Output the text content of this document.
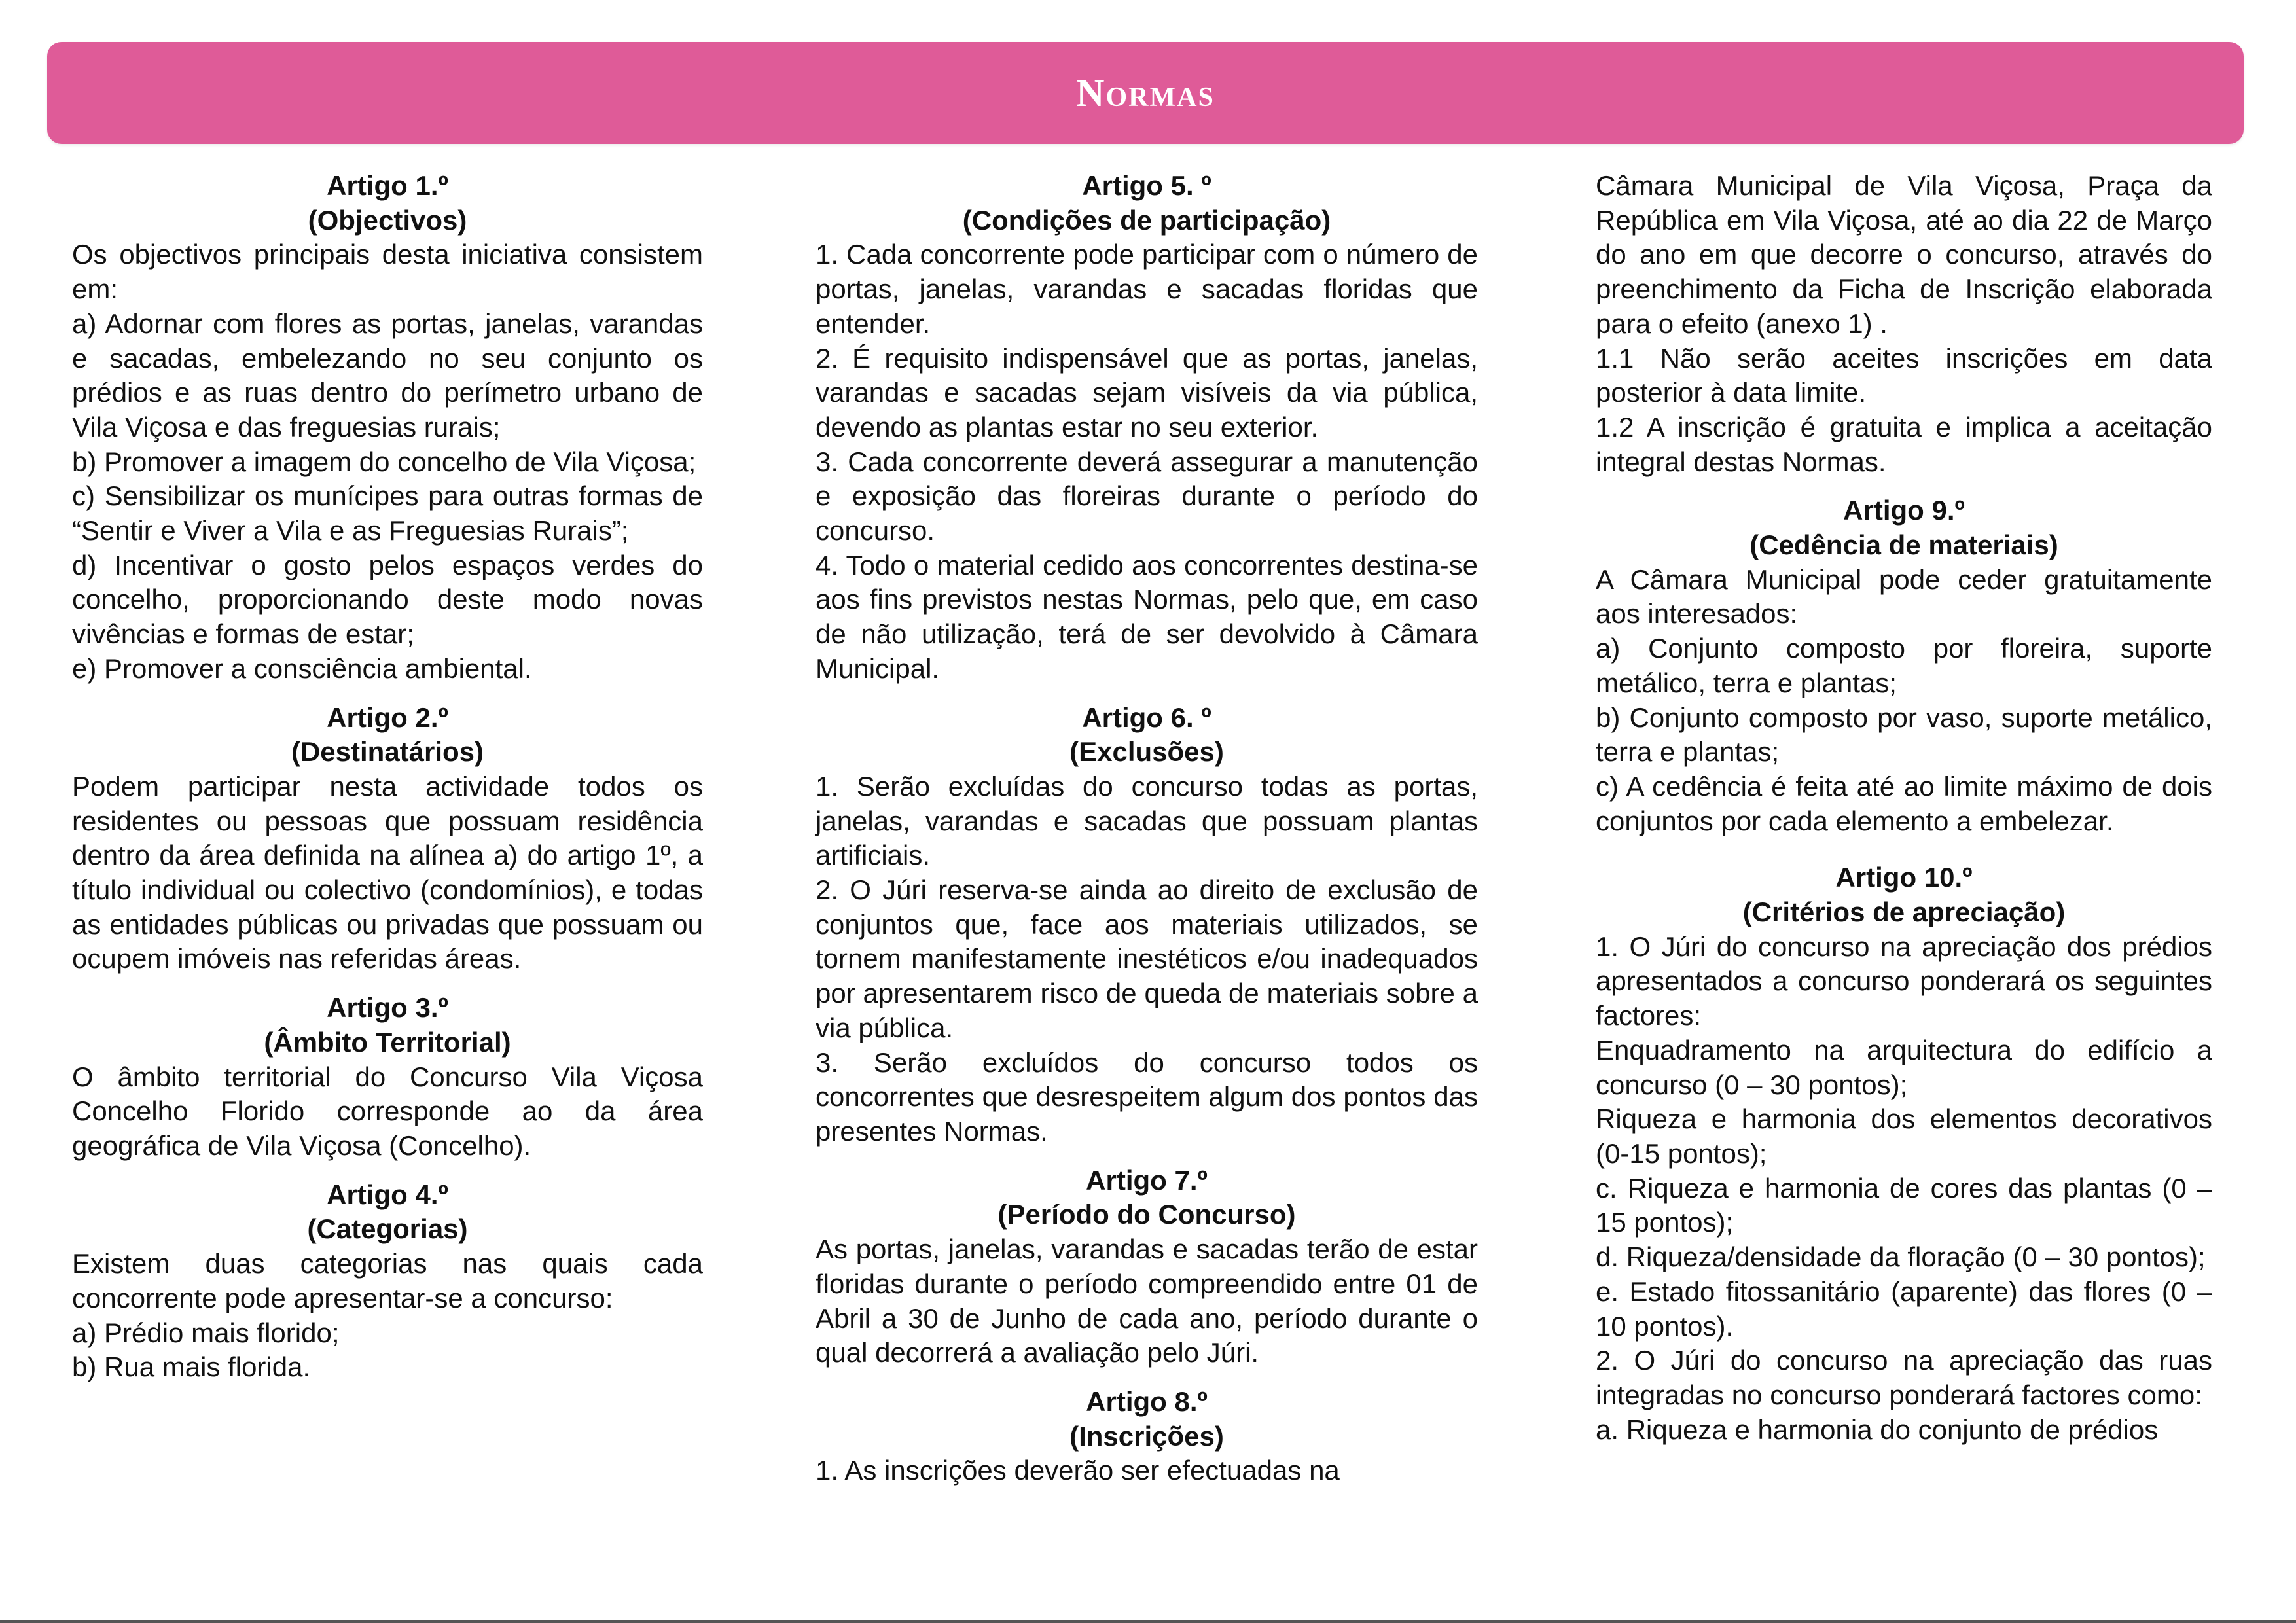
Normas
Artigo 1.º
(Objectivos)

Os objectivos principais desta iniciativa consistem em:

a) Adornar com flores as portas, janelas, varandas e sacadas, embelezando no seu conjunto os prédios e as ruas dentro do perímetro urbano de Vila Viçosa e das freguesias rurais;

b) Promover a imagem do concelho de Vila Viçosa;

c) Sensibilizar os munícipes para outras formas de “Sentir e Viver a Vila e as Freguesias Rurais”;

d) Incentivar o gosto pelos espaços verdes do concelho, proporcionando deste modo novas vivências e formas de estar;

e) Promover a consciência ambiental.

Artigo 2.º
(Destinatários)

Podem participar nesta actividade todos os residentes ou pessoas que possuam residência dentro da área definida na alínea a) do artigo 1º, a título individual ou colectivo (condomínios), e todas as entidades públicas ou privadas que possuam ou ocupem imóveis nas referidas áreas.

Artigo 3.º
(Âmbito Territorial)

O âmbito territorial do Concurso Vila Viçosa Concelho Florido corresponde ao da área geográfica de Vila Viçosa (Concelho).

Artigo 4.º
(Categorias)

Existem duas categorias nas quais cada concorrente pode apresentar-se a concurso:

a) Prédio mais florido;

b) Rua mais florida.

Artigo 5. º
(Condições de participação)

1. Cada concorrente pode participar com o número de portas, janelas, varandas e sacadas floridas que entender.

2. É requisito indispensável que as portas, janelas, varandas e sacadas sejam visíveis da via pública, devendo as plantas estar no seu exterior.

3. Cada concorrente deverá assegurar a manutenção e exposição das floreiras durante o período do concurso.

4. Todo o material cedido aos concorrentes destina-se aos fins previstos nestas Normas, pelo que, em caso de não utilização, terá de ser devolvido à Câmara Municipal.

Artigo 6. º
(Exclusões)

1. Serão excluídas do concurso todas as portas, janelas, varandas e sacadas que possuam plantas artificiais.

2. O Júri reserva-se ainda ao direito de exclusão de conjuntos que, face aos materiais utilizados, se tornem manifestamente inestéticos e/ou inadequados por apresentarem risco de queda de materiais sobre a via pública.

3. Serão excluídos do concurso todos os concorrentes que desrespeitem algum dos pontos das presentes Normas.

Artigo 7.º
(Período do Concurso)

As portas, janelas, varandas e sacadas terão de estar floridas durante o período compreendido entre 01 de Abril a 30 de Junho de cada ano, período durante o qual decorrerá a avaliação pelo Júri.

Artigo 8.º
(Inscrições)

1. As inscrições deverão ser efectuadas na

Câmara Municipal de Vila Viçosa, Praça da República em Vila Viçosa, até ao dia 22 de Março do ano em que decorre o concurso, através do preenchimento da Ficha de Inscrição elaborada para o efeito (anexo 1) .

1.1 Não serão aceites inscrições em data posterior à data limite.

1.2 A inscrição é gratuita e implica a aceitação integral destas Normas.

Artigo 9.º
(Cedência de materiais)

A Câmara Municipal pode ceder gratuitamente aos interesados:

a) Conjunto composto por floreira, suporte metálico, terra e plantas;

b) Conjunto composto por vaso, suporte metálico, terra e plantas;

c) A cedência é feita até ao limite máximo de dois conjuntos por cada elemento a embelezar.

Artigo 10.º
(Critérios de apreciação)

1. O Júri do concurso na apreciação dos prédios apresentados a concurso ponderará os seguintes factores:

Enquadramento na arquitectura do edifício a concurso (0 – 30 pontos);

Riqueza e harmonia dos elementos decorativos (0-15 pontos);

c. Riqueza e harmonia de cores das plantas (0 – 15 pontos);

d. Riqueza/densidade da floração (0 – 30 pontos);

e. Estado fitossanitário (aparente) das flores (0 – 10 pontos).

2. O Júri do concurso na apreciação das ruas integradas no concurso ponderará factores como:

a. Riqueza e harmonia do conjunto de prédios
